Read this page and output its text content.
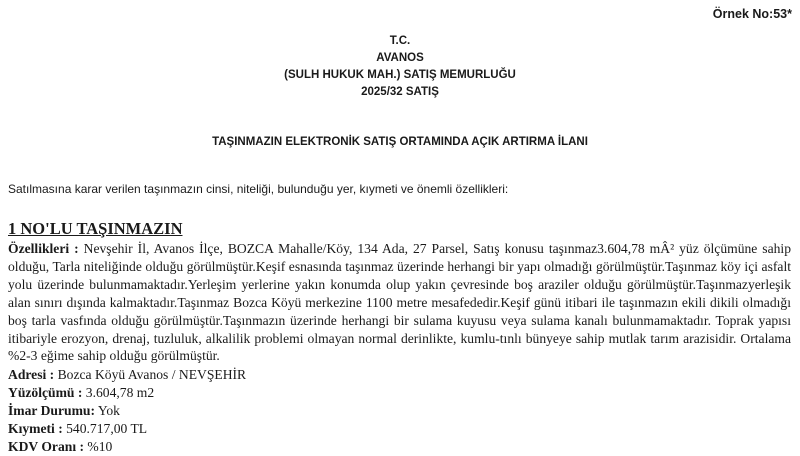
Örnek No:53*
T.C.
AVANOS
(SULH HUKUK MAH.) SATIŞ MEMURLUĞU
2025/32 SATIŞ
TAŞINMAZIN ELEKTRONİK SATIŞ ORTAMINDA AÇIK ARTIRMA İLANI
Satılmasına karar verilen taşınmazın cinsi, niteliği, bulunduğu yer, kıymeti ve önemli özellikleri:
1 NO'LU TAŞINMAZIN
Özellikleri : Nevşehir İl, Avanos İlçe, BOZCA Mahalle/Köy, 134 Ada, 27 Parsel, Satış konusu taşınmaz3.604,78 mÂ² yüz ölçümüne sahip olduğu, Tarla niteliğinde olduğu görülmüştür.Keşif esnasında taşınmaz üzerinde herhangi bir yapı olmadığı görülmüştür.Taşınmaz köy içi asfalt yolu üzerinde bulunmamaktadır.Yerleşim yerlerine yakın konumda olup yakın çevresinde boş araziler olduğu görülmüştür.Taşınmazyerleşik alan sınırı dışında kalmaktadır.Taşınmaz Bozca Köyü merkezine 1100 metre mesafededir.Keşif günü itibari ile taşınmazın ekili dikili olmadığı boş tarla vasfında olduğu görülmüştür.Taşınmazın üzerinde herhangi bir sulama kuyusu veya sulama kanalı bulunmamaktadır. Toprak yapısı itibariyle erozyon, drenaj, tuzluluk, alkalilik problemi olmayan normal derinlikte, kumlu-tınlı bünyeye sahip mutlak tarım arazisidir. Ortalama %2-3 eğime sahip olduğu görülmüştür.
Adresi : Bozca Köyü Avanos / NEVŞEHİR
Yüzölçümü : 3.604,78 m2
İmar Durumu: Yok
Kıymeti : 540.717,00 TL
KDV Oranı : %10
